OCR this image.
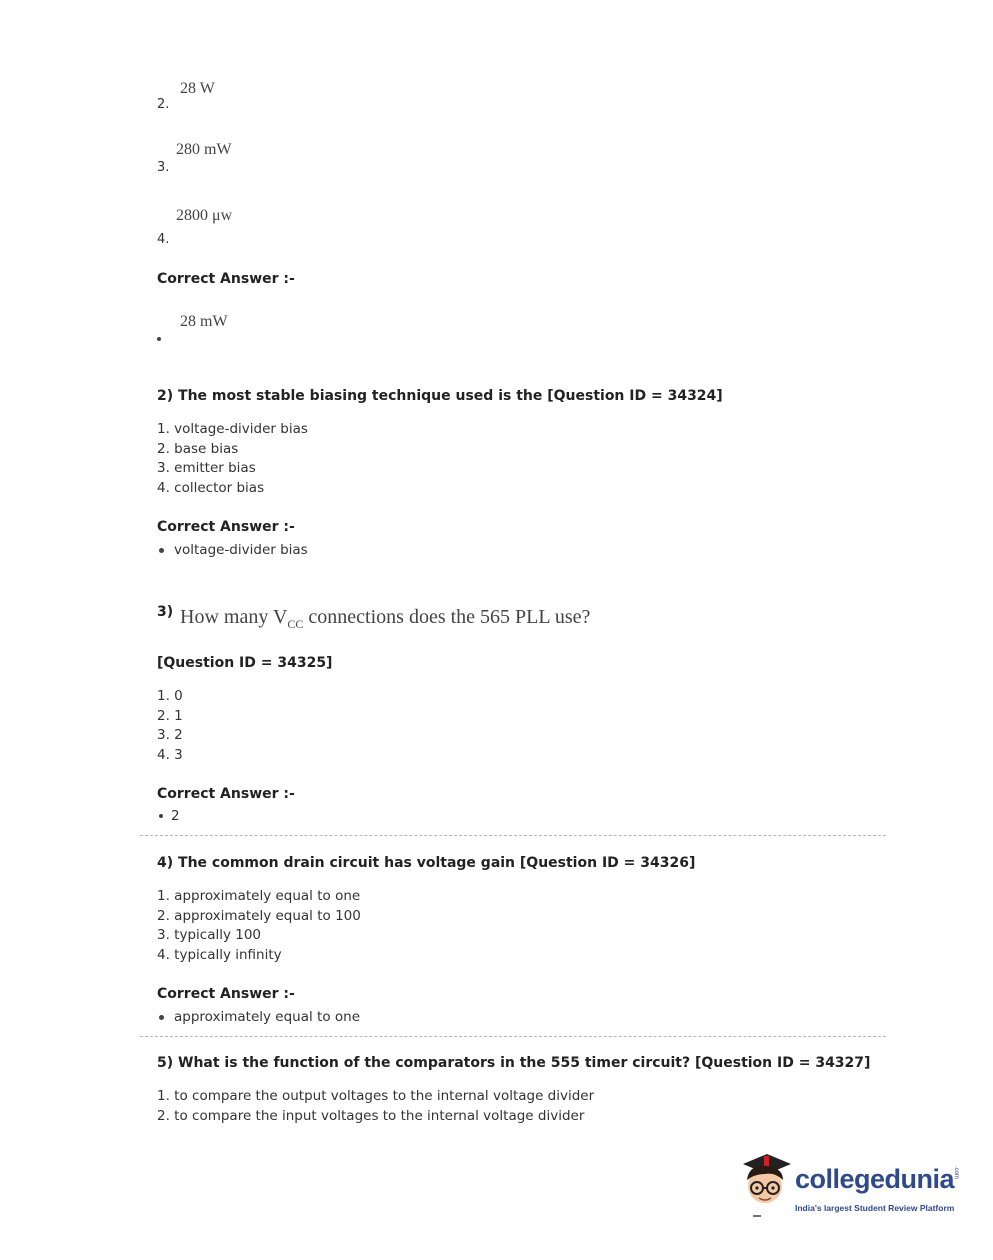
28 W
2.
280 mW
3.
2800 μw
4.
Correct Answer :-
28 mW
2) The most stable biasing technique used is the [Question ID = 34324]
1. voltage-divider bias
2. base bias
3. emitter bias
4. collector bias
Correct Answer :-
voltage-divider bias
3) How many $V_{CC}$ connections does the 565 PLL use?
[Question ID = 34325]
1. 0
2. 1
3. 2
4. 3
Correct Answer :-
2
4) The common drain circuit has voltage gain [Question ID = 34326]
1. approximately equal to one
2. approximately equal to 100
3. typically 100
4. typically infinity
Correct Answer :-
approximately equal to one
5) What is the function of the comparators in the 555 timer circuit? [Question ID = 34327]
1. to compare the output voltages to the internal voltage divider
2. to compare the input voltages to the internal voltage divider
collegedunia
.com
India's largest Student Review Platform
